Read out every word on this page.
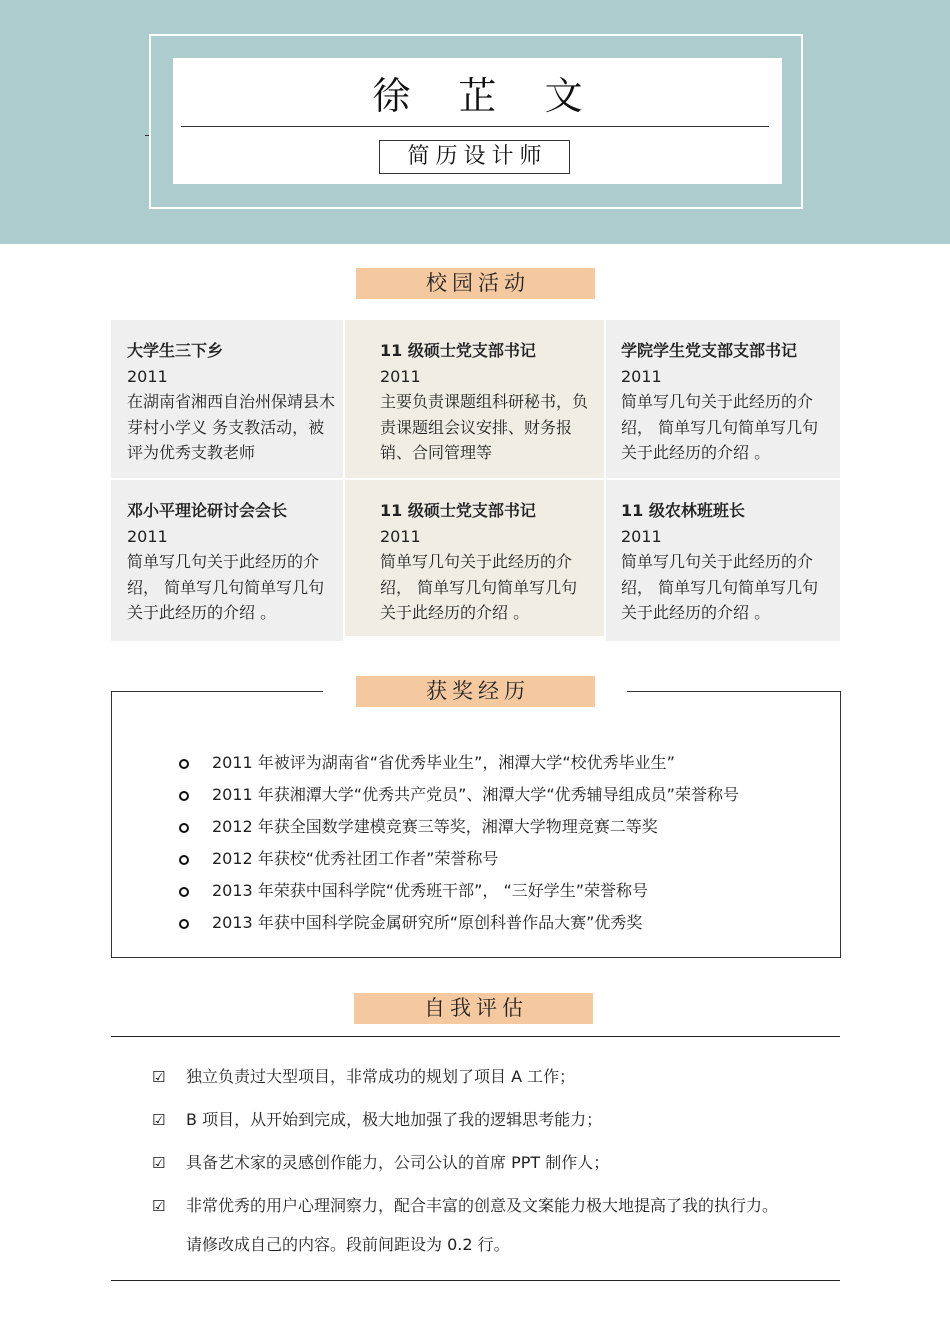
徐 芷 文
简历设计师
校园活动
大学生三下乡
2011
在湖南省湘西自治州保靖县木芽村小学义 务支教活动，被评为优秀支教老师
11 级硕士党支部书记
2011
主要负责课题组科研秘书，负责课题组会议安排、财务报销、合同管理等
学院学生党支部支部书记
2011
简单写几句关于此经历的介绍， 简单写几句简单写几句关于此经历的介绍 。
邓小平理论研讨会会长
2011
简单写几句关于此经历的介绍， 简单写几句简单写几句关于此经历的介绍 。
11 级硕士党支部书记
2011
简单写几句关于此经历的介绍， 简单写几句简单写几句关于此经历的介绍 。
11 级农林班班长
2011
简单写几句关于此经历的介绍， 简单写几句简单写几句关于此经历的介绍 。
2011 年被评为湖南省“省优秀毕业生”，湘潭大学“校优秀毕业生”
2011 年获湘潭大学“优秀共产党员”、湘潭大学“优秀辅导组成员”荣誉称号
2012 年获全国数学建模竞赛三等奖，湘潭大学物理竞赛二等奖
2012 年获校“优秀社团工作者”荣誉称号
2013 年荣获中国科学院“优秀班干部”， “三好学生”荣誉称号
2013 年获中国科学院金属研究所“原创科普作品大赛”优秀奖
获奖经历
自我评估
☑ 独立负责过大型项目，非常成功的规划了项目 A 工作；
☑ B 项目，从开始到完成，极大地加强了我的逻辑思考能力；
☑ 具备艺术家的灵感创作能力，公司公认的首席 PPT 制作人；
☑ 非常优秀的用户心理洞察力，配合丰富的创意及文案能力极大地提高了我的执行力。
请修改成自己的内容。段前间距设为 0.2 行。
